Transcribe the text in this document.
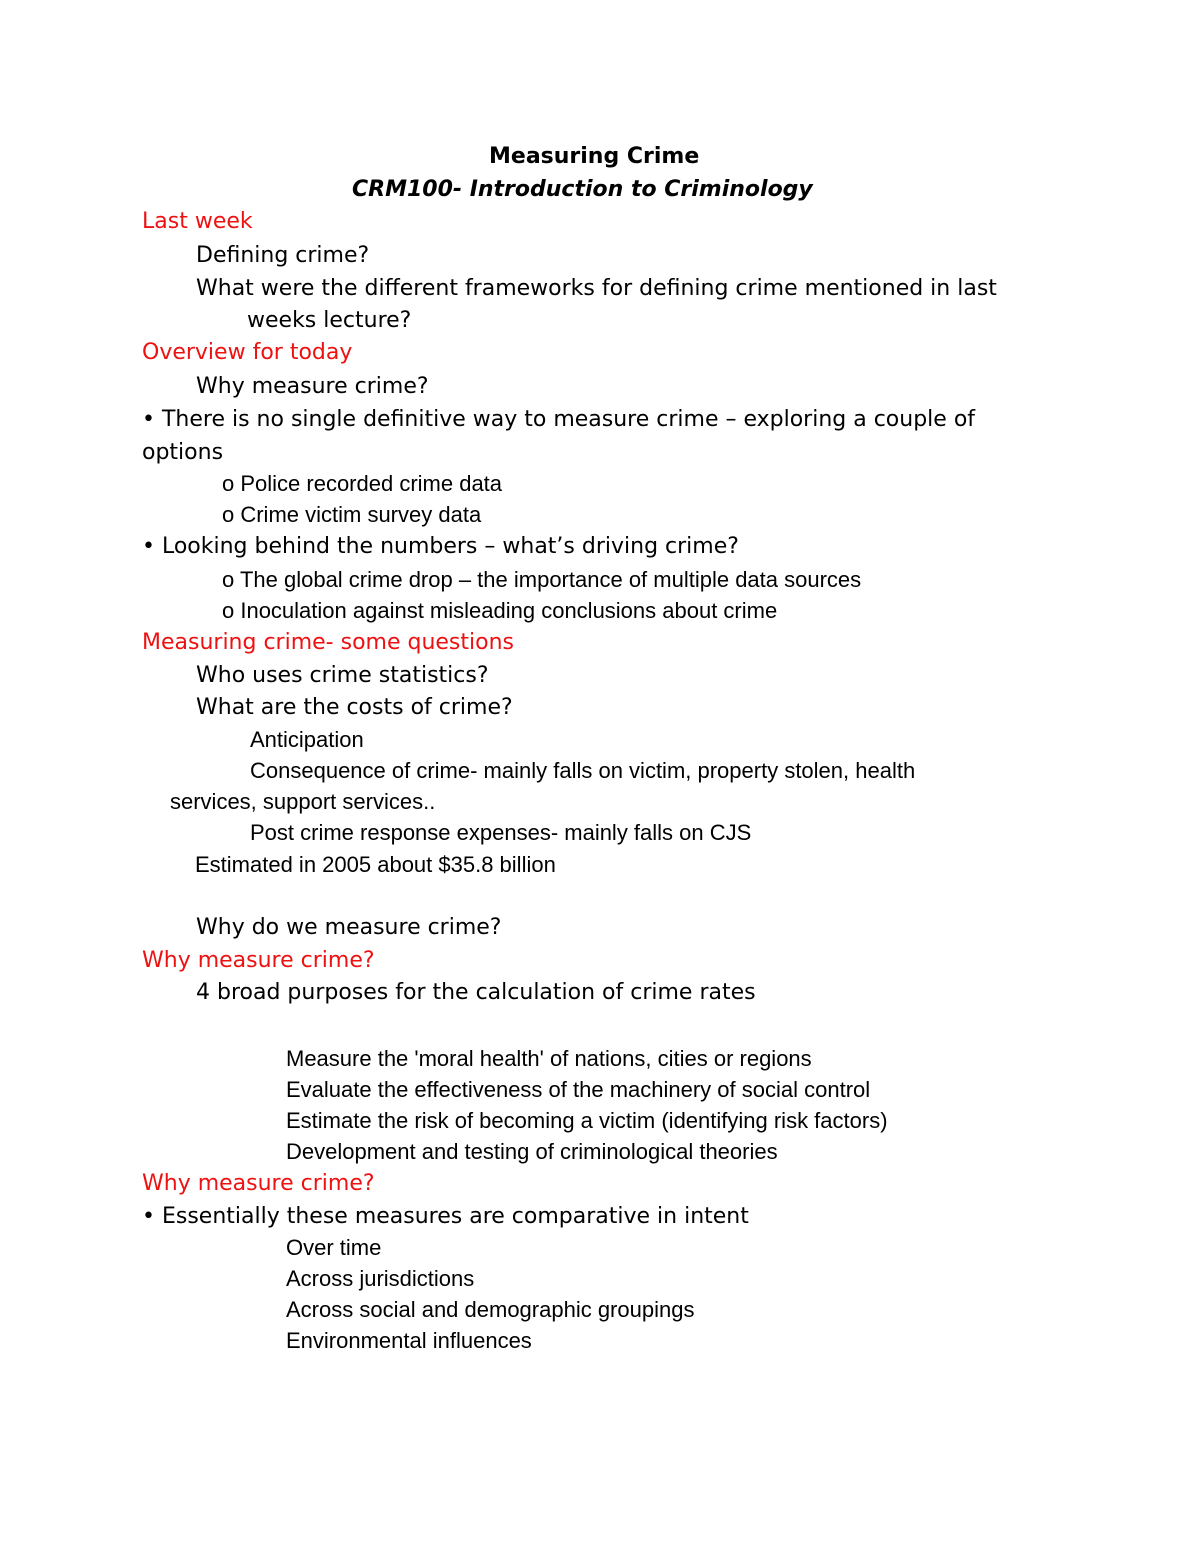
Measuring Crime
CRM100- Introduction to Criminology
Last week
Defining crime?
What were the different frameworks for defining crime mentioned in last
weeks lecture?
Overview for today
Why measure crime?
• There is no single definitive way to measure crime – exploring a couple of
options
o Police recorded crime data
o Crime victim survey data
• Looking behind the numbers – what’s driving crime?
o The global crime drop – the importance of multiple data sources
o Inoculation against misleading conclusions about crime
Measuring crime- some questions
Who uses crime statistics?
What are the costs of crime?
Anticipation
Consequence of crime- mainly falls on victim, property stolen, health
services, support services..
Post crime response expenses- mainly falls on CJS
Estimated in 2005 about $35.8 billion
Why do we measure crime?
Why measure crime?
4 broad purposes for the calculation of crime rates
Measure the 'moral health' of nations, cities or regions
Evaluate the effectiveness of the machinery of social control
Estimate the risk of becoming a victim (identifying risk factors)
Development and testing of criminological theories
Why measure crime?
• Essentially these measures are comparative in intent
Over time
Across jurisdictions
Across social and demographic groupings
Environmental influences
